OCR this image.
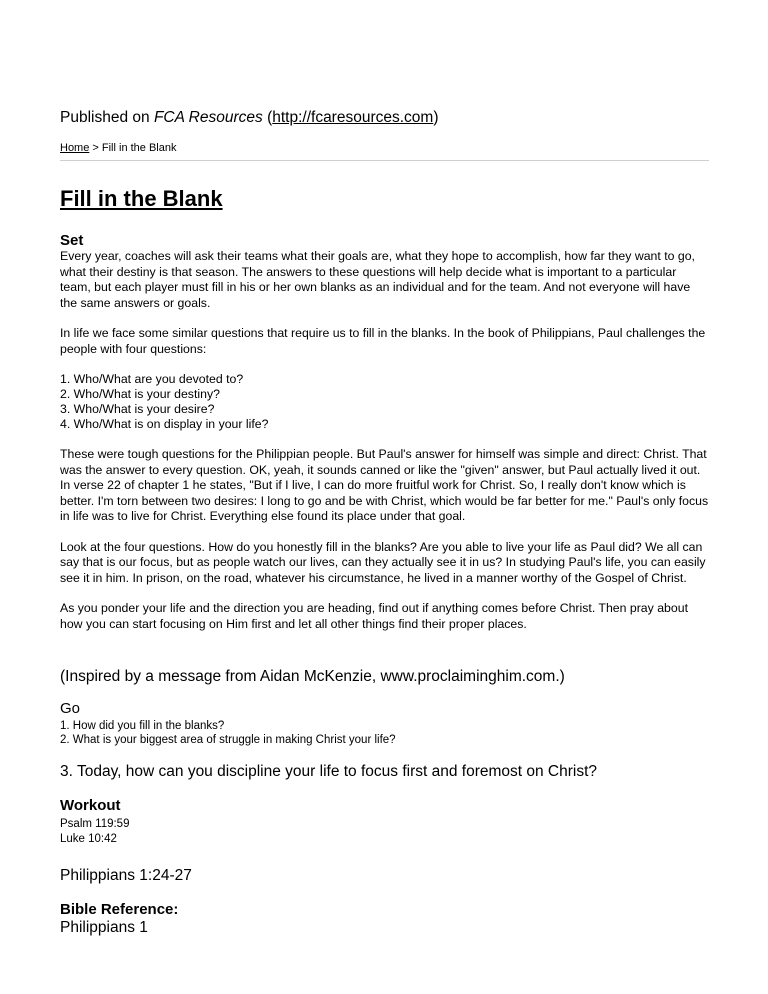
Published on FCA Resources (http://fcaresources.com)
Home > Fill in the Blank
Fill in the Blank
Set

Every year, coaches will ask their teams what their goals are, what they hope to accomplish, how far they want to go, what their destiny is that season. The answers to these questions will help decide what is important to a particular team, but each player must fill in his or her own blanks as an individual and for the team. And not everyone will have the same answers or goals.

In life we face some similar questions that require us to fill in the blanks. In the book of Philippians, Paul challenges the people with four questions:

1. Who/What are you devoted to?
2. Who/What is your destiny?
3. Who/What is your desire?
4. Who/What is on display in your life?

These were tough questions for the Philippian people. But Paul's answer for himself was simple and direct: Christ. That was the answer to every question. OK, yeah, it sounds canned or like the "given" answer, but Paul actually lived it out. In verse 22 of chapter 1 he states, "But if I live, I can do more fruitful work for Christ. So, I really don't know which is better. I'm torn between two desires: I long to go and be with Christ, which would be far better for me." Paul's only focus in life was to live for Christ. Everything else found its place under that goal.

Look at the four questions. How do you honestly fill in the blanks? Are you able to live your life as Paul did? We all can say that is our focus, but as people watch our lives, can they actually see it in us? In studying Paul's life, you can easily see it in him. In prison, on the road, whatever his circumstance, he lived in a manner worthy of the Gospel of Christ.

As you ponder your life and the direction you are heading, find out if anything comes before Christ. Then pray about how you can start focusing on Him first and let all other things find their proper places.

(Inspired by a message from Aidan McKenzie, www.proclaiminghim.com.)
Go
1. How did you fill in the blanks?
2. What is your biggest area of struggle in making Christ your life?
3. Today, how can you discipline your life to focus first and foremost on Christ?
Workout
Psalm 119:59
Luke 10:42
Philippians 1:24-27
Bible Reference:
Philippians 1
